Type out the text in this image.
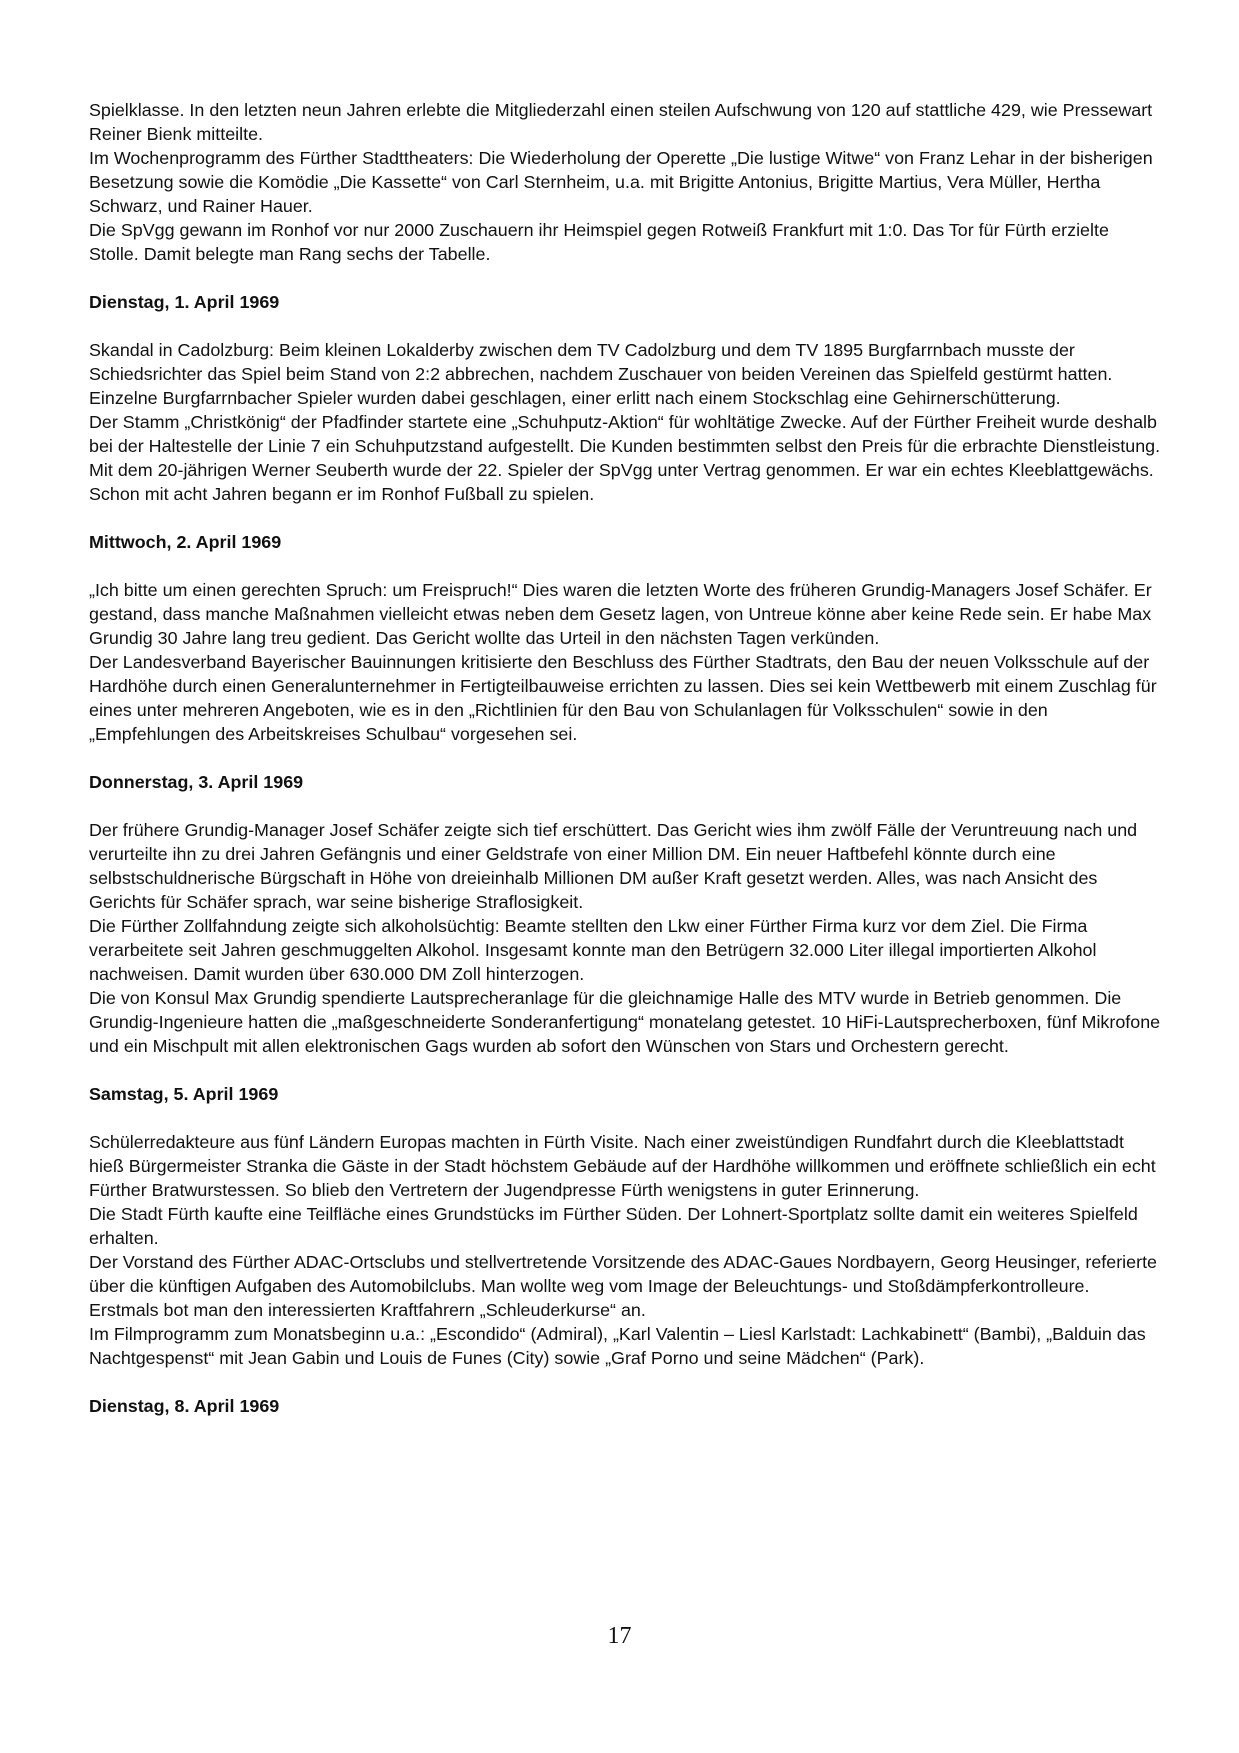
Spielklasse. In den letzten neun Jahren erlebte die Mitgliederzahl einen steilen Aufschwung von 120 auf stattliche 429, wie Pressewart Reiner Bienk mitteilte.

Im Wochenprogramm des Fürther Stadttheaters: Die Wiederholung der Operette „Die lustige Witwe“ von Franz Lehar in der bisherigen Besetzung sowie die Komödie „Die Kassette“ von Carl Sternheim, u.a. mit Brigitte Antonius, Brigitte Martius, Vera Müller, Hertha Schwarz, und Rainer Hauer.

Die SpVgg gewann im Ronhof vor nur 2000 Zuschauern ihr Heimspiel gegen Rotweiß Frankfurt mit 1:0. Das Tor für Fürth erzielte Stolle. Damit belegte man Rang sechs der Tabelle.

Dienstag, 1. April 1969

Skandal in Cadolzburg: Beim kleinen Lokalderby zwischen dem TV Cadolzburg und dem TV 1895 Burgfarrnbach musste der Schiedsrichter das Spiel beim Stand von 2:2 abbrechen, nachdem Zuschauer von beiden Vereinen das Spielfeld gestürmt hatten. Einzelne Burgfarrnbacher Spieler wurden dabei geschlagen, einer erlitt nach einem Stockschlag eine Gehirnerschütterung.

Der Stamm „Christkönig“ der Pfadfinder startete eine „Schuhputz-Aktion“ für wohltätige Zwecke. Auf der Fürther Freiheit wurde deshalb bei der Haltestelle der Linie 7 ein Schuhputzstand aufgestellt. Die Kunden bestimmten selbst den Preis für die erbrachte Dienstleistung.

Mit dem 20-jährigen Werner Seuberth wurde der 22. Spieler der SpVgg unter Vertrag genommen. Er war ein echtes Kleeblattgewächs. Schon mit acht Jahren begann er im Ronhof Fußball zu spielen.

Mittwoch, 2. April 1969

„Ich bitte um einen gerechten Spruch: um Freispruch!“ Dies waren die letzten Worte des früheren Grundig-Managers Josef Schäfer. Er gestand, dass manche Maßnahmen vielleicht etwas neben dem Gesetz lagen, von Untreue könne aber keine Rede sein. Er habe Max Grundig 30 Jahre lang treu gedient. Das Gericht wollte das Urteil in den nächsten Tagen verkünden.

Der Landesverband Bayerischer Bauinnungen kritisierte den Beschluss des Fürther Stadtrats, den Bau der neuen Volksschule auf der Hardhöhe durch einen Generalunternehmer in Fertigteilbauweise errichten zu lassen. Dies sei kein Wettbewerb mit einem Zuschlag für eines unter mehreren Angeboten, wie es in den „Richtlinien für den Bau von Schulanlagen für Volksschulen“ sowie in den „Empfehlungen des Arbeitskreises Schulbau“ vorgesehen sei.

Donnerstag, 3. April 1969

Der frühere Grundig-Manager Josef Schäfer zeigte sich tief erschüttert. Das Gericht wies ihm zwölf Fälle der Veruntreuung nach und verurteilte ihn zu drei Jahren Gefängnis und einer Geldstrafe von einer Million DM. Ein neuer Haftbefehl könnte durch eine selbstschuldnerische Bürgschaft in Höhe von dreieinhalb Millionen DM außer Kraft gesetzt werden. Alles, was nach Ansicht des Gerichts für Schäfer sprach, war seine bisherige Straflosigkeit.

Die Fürther Zollfahndung zeigte sich alkoholsüchtig: Beamte stellten den Lkw einer Fürther Firma kurz vor dem Ziel. Die Firma verarbeitete seit Jahren geschmuggelten Alkohol. Insgesamt konnte man den Betrügern 32.000 Liter illegal importierten Alkohol nachweisen. Damit wurden über 630.000 DM Zoll hinterzogen.

Die von Konsul Max Grundig spendierte Lautsprecheranlage für die gleichnamige Halle des MTV wurde in Betrieb genommen. Die Grundig-Ingenieure hatten die „maßgeschneiderte Sonderanfertigung“ monatelang getestet. 10 HiFi-Lautsprecherboxen, fünf Mikrofone und ein Mischpult mit allen elektronischen Gags wurden ab sofort den Wünschen von Stars und Orchestern gerecht.

Samstag, 5. April 1969

Schülerredakteure aus fünf Ländern Europas machten in Fürth Visite. Nach einer zweistündigen Rundfahrt durch die Kleeblattstadt hieß Bürgermeister Stranka die Gäste in der Stadt höchstem Gebäude auf der Hardhöhe willkommen und eröffnete schließlich ein echt Fürther Bratwurstessen. So blieb den Vertretern der Jugendpresse Fürth wenigstens in guter Erinnerung.

Die Stadt Fürth kaufte eine Teilfläche eines Grundstücks im Fürther Süden. Der Lohnert-Sportplatz sollte damit ein weiteres Spielfeld erhalten.

Der Vorstand des Fürther ADAC-Ortsclubs und stellvertretende Vorsitzende des ADAC-Gaues Nordbayern, Georg Heusinger, referierte über die künftigen Aufgaben des Automobilclubs. Man wollte weg vom Image der Beleuchtungs- und Stoßdämpferkontrolleure. Erstmals bot man den interessierten Kraftfahrern „Schleuderkurse“ an.

Im Filmprogramm zum Monatsbeginn u.a.: „Escondido“ (Admiral), „Karl Valentin – Liesl Karlstadt: Lachkabinett“ (Bambi), „Balduin das Nachtgespenst“ mit Jean Gabin und Louis de Funes (City) sowie „Graf Porno und seine Mädchen“ (Park).

Dienstag, 8. April 1969

17
